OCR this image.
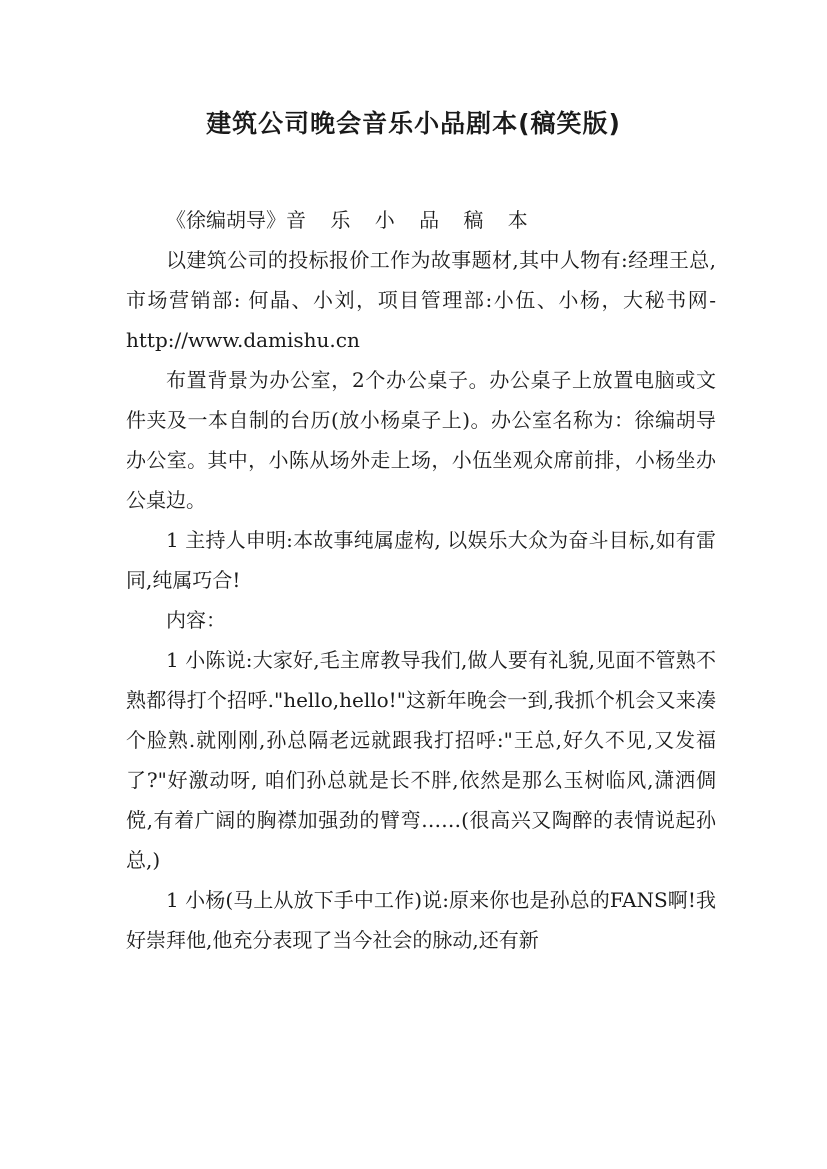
建筑公司晚会音乐小品剧本(稿笑版)

《徐编胡导》音 乐 小 品 稿 本

以建筑公司的投标报价工作为故事题材,其中人物有:经理王总,市场营销部: 何晶、小刘，项目管理部:小伍、小杨，大秘书网-http://www.damishu.cn

布置背景为办公室，2个办公桌子。办公桌子上放置电脑或文件夹及一本自制的台历(放小杨桌子上)。办公室名称为：徐编胡导办公室。其中，小陈从场外走上场，小伍坐观众席前排，小杨坐办公桌边。

1 主持人申明:本故事纯属虚构, 以娱乐大众为奋斗目标,如有雷同,纯属巧合!

内容：

1 小陈说:大家好,毛主席教导我们,做人要有礼貌,见面不管熟不熟都得打个招呼."hello,hello!"这新年晚会一到,我抓个机会又来凑个脸熟.就刚刚,孙总隔老远就跟我打招呼:"王总,好久不见,又发福了?"好激动呀, 咱们孙总就是长不胖,依然是那么玉树临风,潇洒倜傥,有着广阔的胸襟加强劲的臂弯……(很高兴又陶醉的表情说起孙总,)

1 小杨(马上从放下手中工作)说:原来你也是孙总的FANS啊!我好崇拜他,他充分表现了当今社会的脉动,还有新
